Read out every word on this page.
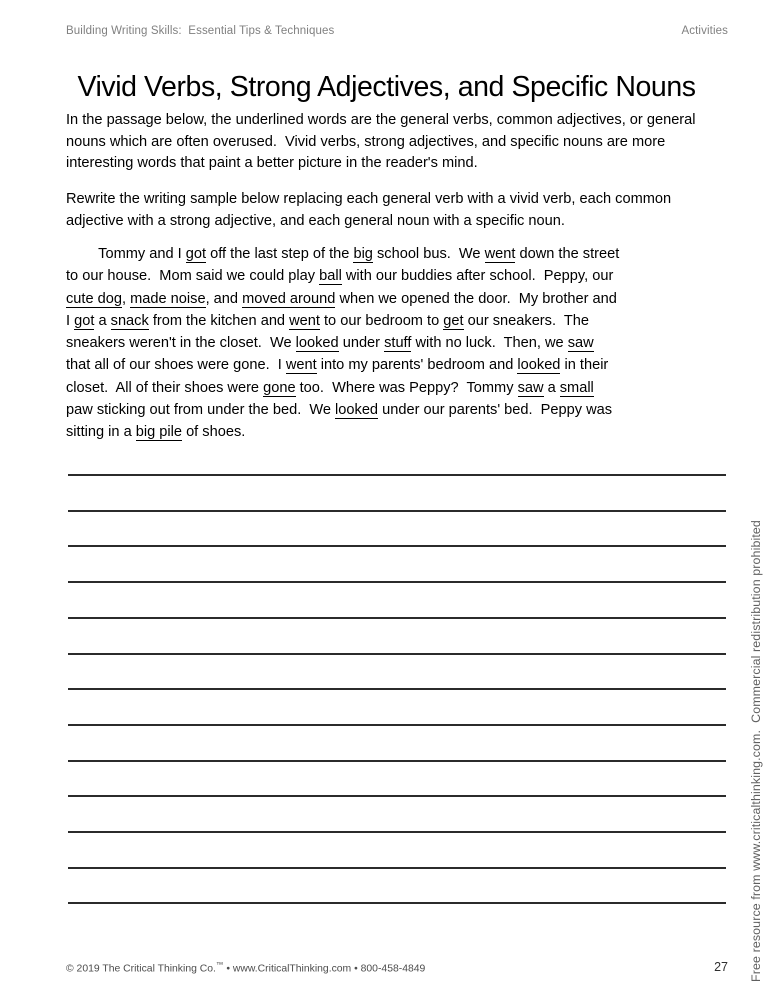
Building Writing Skills:  Essential Tips & Techniques	Activities
Vivid Verbs, Strong Adjectives, and Specific Nouns

In the passage below, the underlined words are the general verbs, common adjectives, or general nouns which are often overused.  Vivid verbs, strong adjectives, and specific nouns are more interesting words that paint a better picture in the reader's mind.

Rewrite the writing sample below replacing each general verb with a vivid verb, each common adjective with a strong adjective, and each general noun with a specific noun.

Tommy and I got off the last step of the big school bus.  We went down the street
to our house.  Mom said we could play ball with our buddies after school.  Peppy, our
cute dog, made noise, and moved around when we opened the door.  My brother and
I got a snack from the kitchen and went to our bedroom to get our sneakers.  The
sneakers weren't in the closet.  We looked under stuff with no luck.  Then, we saw
that all of our shoes were gone.  I went into my parents' bedroom and looked in their
closet.  All of their shoes were gone too.  Where was Peppy?  Tommy saw a small
paw sticking out from under the bed.  We looked under our parents' bed.  Peppy was
sitting in a big pile of shoes.
Free resource from www.criticalthinking.com.  Commercial redistribution prohibited
© 2019 The Critical Thinking Co.™ • www.CriticalThinking.com • 800-458-4849	27
